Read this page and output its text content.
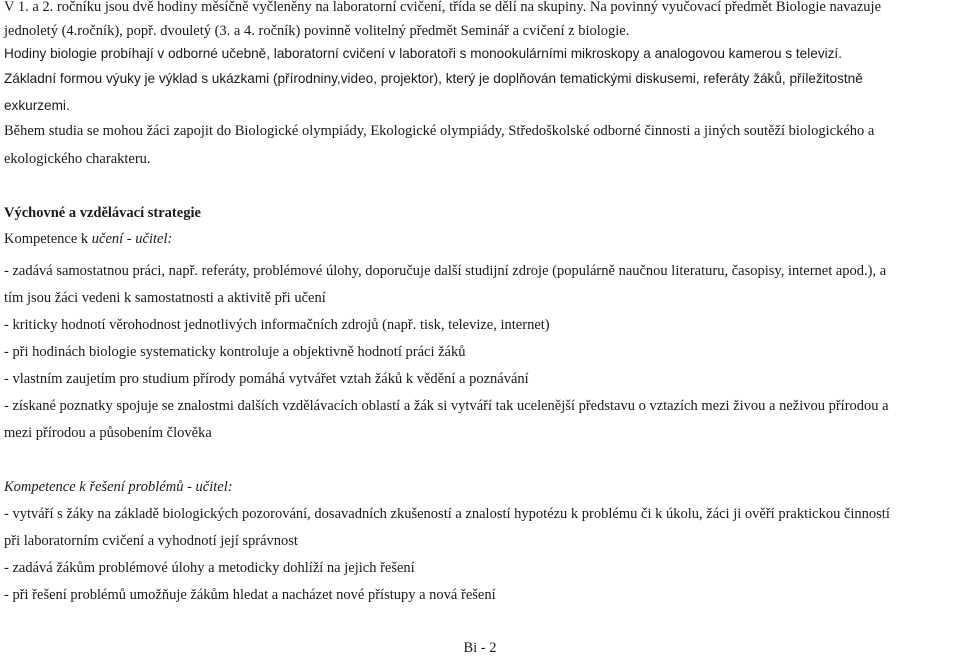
V 1. a 2. ročníku jsou dvě hodiny měsíčně vyčleněny na laboratorní cvičení, třída se dělí na skupiny. Na povinný vyučovací předmět Biologie navazuje
jednoletý (4.ročník), popř. dvouletý (3. a 4. ročník) povinně volitelný předmět Seminář a cvičení z biologie.
Hodiny biologie probíhají v odborné učebně, laboratorní cvičení v laboratoři s monookulárními mikroskopy a analogovou kamerou s televizí.
Základní formou výuky je výklad s ukázkami (přírodniny,video, projektor), který je doplňován tematickými diskusemi, referáty žáků, příležitostně
exkurzemi.
Během studia se mohou žáci zapojit do Biologické olympiády, Ekologické olympiády, Středoškolské odborné činnosti a jiných soutěží biologického a
ekologického charakteru.
Výchovné a vzdělávací strategie
Kompetence k učení - učitel:
- zadává samostatnou práci, např. referáty, problémové úlohy, doporučuje další studijní zdroje (populárně naučnou literaturu, časopisy, internet apod.), a
tím jsou žáci vedeni k samostatnosti a aktivitě při učení
- kriticky hodnotí věrohodnost jednotlivých informačních zdrojů (např. tisk, televize, internet)
- při hodinách biologie systematicky kontroluje a objektivně hodnotí práci žáků
- vlastním zaujetím pro studium přírody pomáhá vytvářet vztah žáků k vědění a poznávání
- získané poznatky spojuje se znalostmi dalších vzdělávacích oblastí a žák si vytváří tak ucelenější představu o vztazích mezi živou a neživou přírodou a
mezi přírodou a působením člověka
Kompetence k řešení problémů - učitel:
- vytváří s žáky na základě biologických pozorování, dosavadních zkušeností a znalostí hypotézu k problému či k úkolu, žáci ji ověří praktickou činností
při laboratorním cvičení a vyhodnotí její správnost
- zadává žákům problémové úlohy a metodicky dohlíží na jejich řešení
- při řešení problémů umožňuje žákům hledat a nacházet nové přístupy a nová řešení
Bi - 2
